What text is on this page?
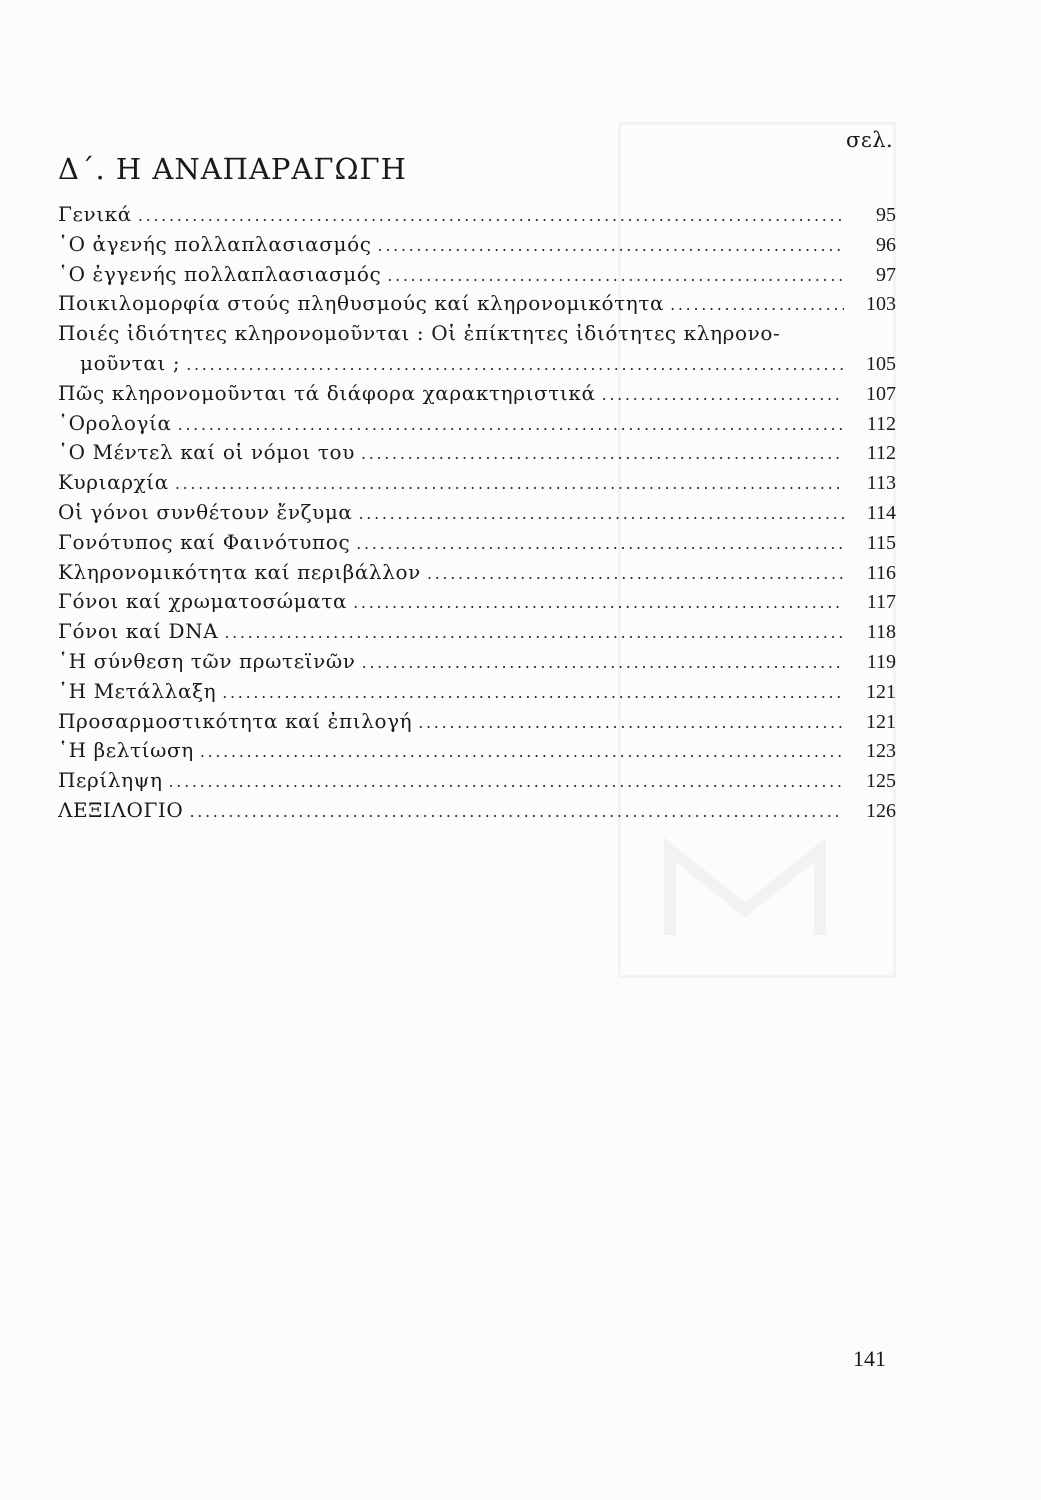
σελ.
Δ΄. Η ΑΝΑΠΑΡΑΓΩΓΗ
Γενικά . . .	95
῾Ο ἀγενής πολλαπλασιασμός . . .	96
῾Ο ἐγγενής πολλαπλασιασμός . . .	97
Ποικιλομορφία στούς πληθυσμούς καί κληρονομικότητα . . .	103
Ποιές ἰδιότητες κληρονομοῦνται : Οἱ ἐπίκτητες ἰδιότητες κληρονο-
μοῦνται ; . . .	105
Πῶς κληρονομοῦνται τά διάφορα χαρακτηριστικά . . .	107
῾Ορολογία . . .	112
῾Ο Μέντελ καί οἱ νόμοι του . . .	112
Κυριαρχία . . .	113
Οἱ γόνοι συνθέτουν ἔνζυμα . . .	114
Γονότυπος καί Φαινότυπος . . .	115
Κληρονομικότητα καί περιβάλλον . . .	116
Γόνοι καί χρωματοσώματα . . .	117
Γόνοι καί DNA . . .	118
῾Η σύνθεση τῶν πρωτεϊνῶν . . .	119
῾Η Μετάλλαξη . . .	121
Προσαρμοστικότητα καί ἐπιλογή . . .	121
῾Η βελτίωση . . .	123
Περίληψη . . .	125
ΛΕΞΙΛΟΓΙΟ . . .	126
141
